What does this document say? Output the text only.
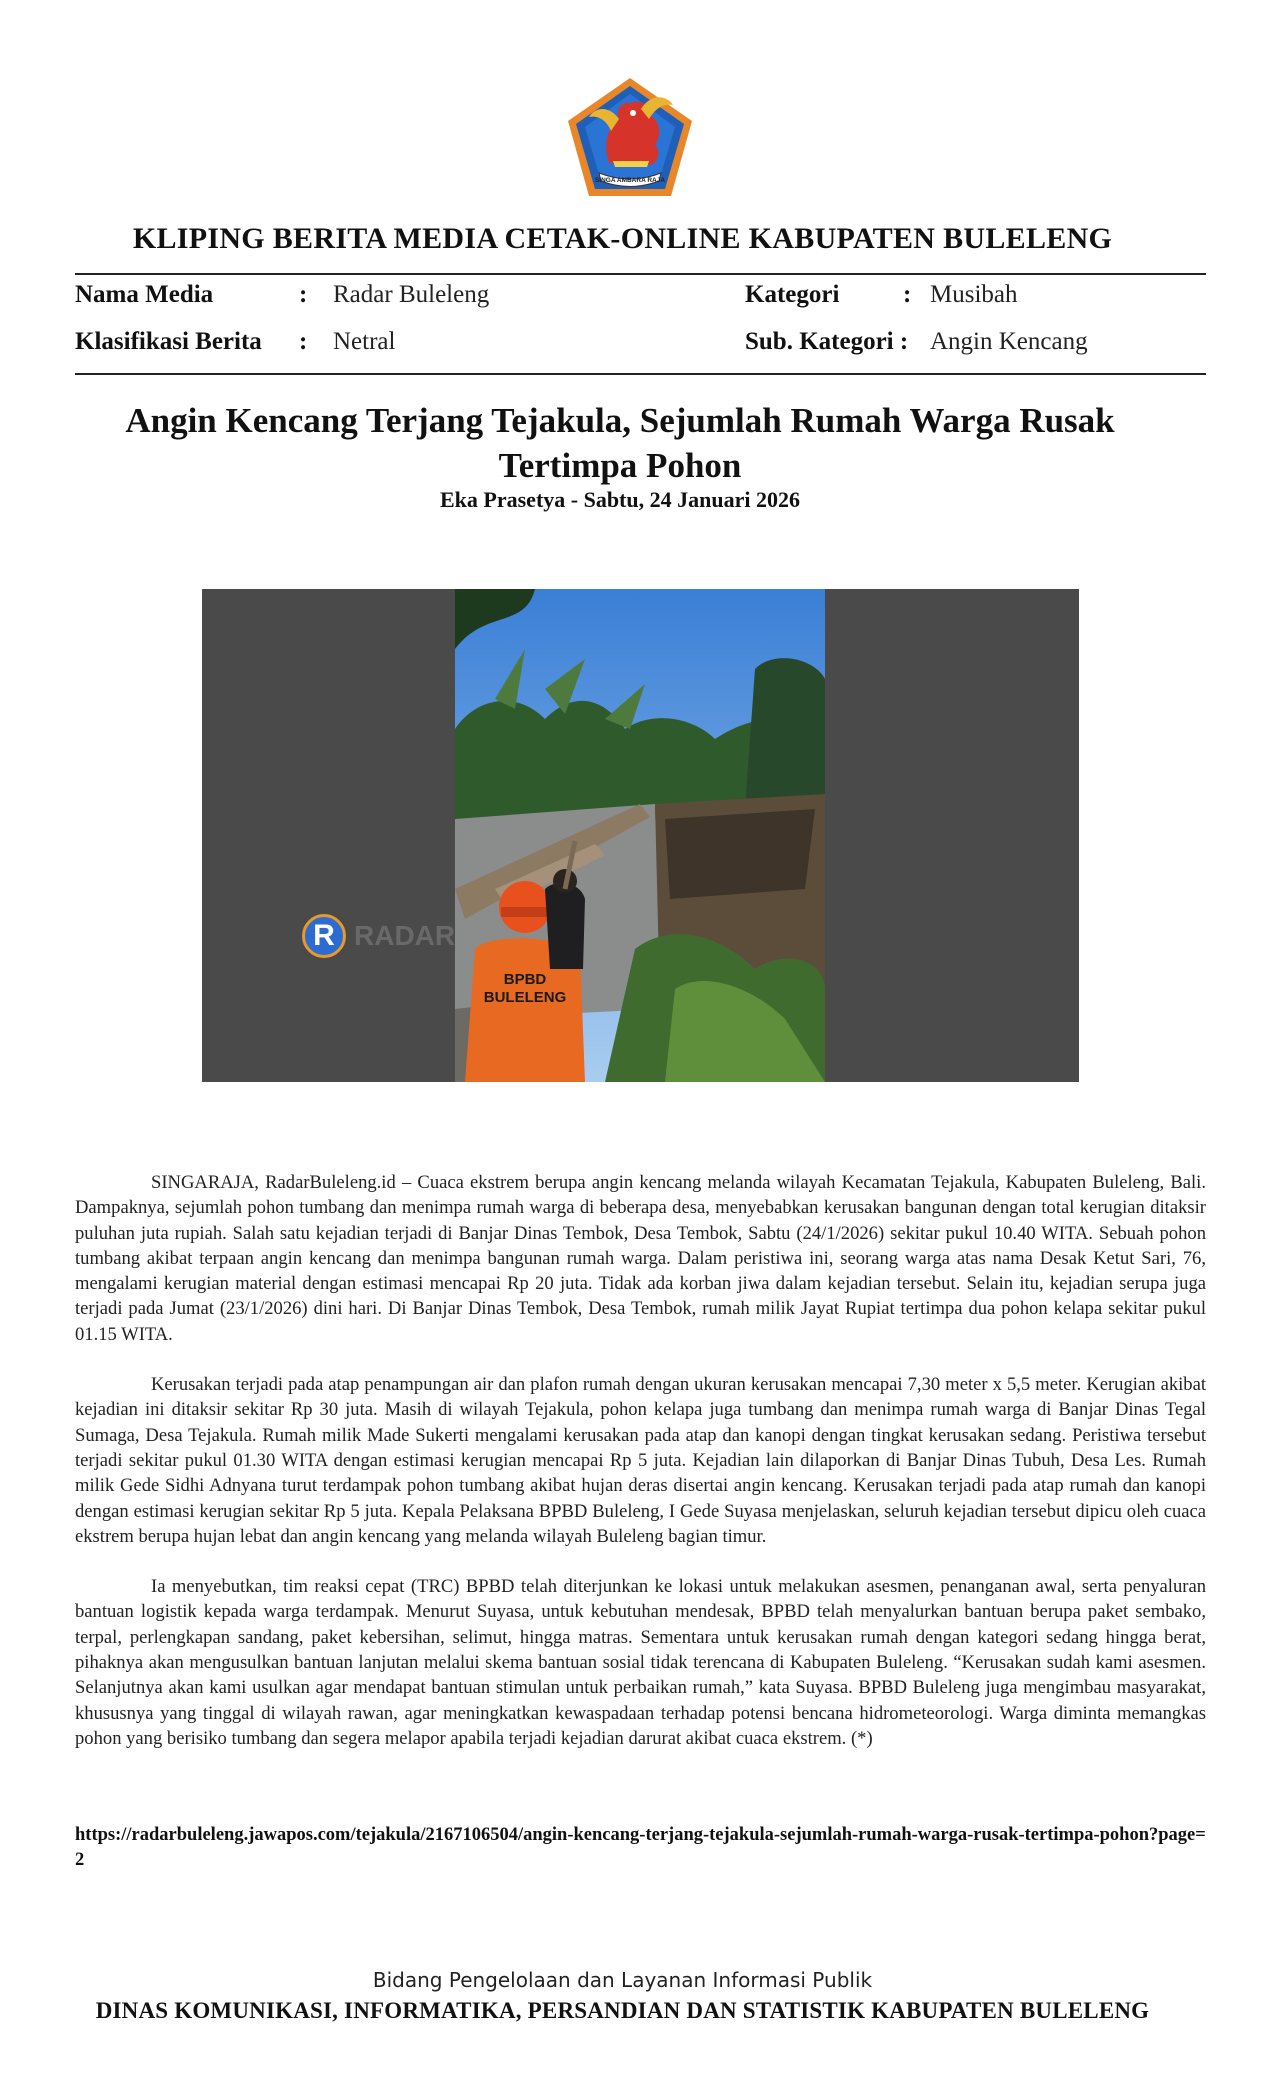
SINGA AMBARA RAJA
KLIPING BERITA MEDIA CETAK-ONLINE KABUPATEN BULELENG
Nama Media	: Radar Buleleng	Kategori	: Musibah
Klasifikasi Berita : Netral	Sub. Kategori : Angin Kencang
Angin Kencang Terjang Tejakula, Sejumlah Rumah Warga Rusak Tertimpa Pohon
Eka Prasetya - Sabtu, 24 Januari 2026
BPBD
BULELENG
R RADAR

SINGARAJA, RadarBuleleng.id – Cuaca ekstrem berupa angin kencang melanda wilayah Kecamatan Tejakula, Kabupaten Buleleng, Bali. Dampaknya, sejumlah pohon tumbang dan menimpa rumah warga di beberapa desa, menyebabkan kerusakan bangunan dengan total kerugian ditaksir puluhan juta rupiah. Salah satu kejadian terjadi di Banjar Dinas Tembok, Desa Tembok, Sabtu (24/1/2026) sekitar pukul 10.40 WITA. Sebuah pohon tumbang akibat terpaan angin kencang dan menimpa bangunan rumah warga. Dalam peristiwa ini, seorang warga atas nama Desak Ketut Sari, 76, mengalami kerugian material dengan estimasi mencapai Rp 20 juta. Tidak ada korban jiwa dalam kejadian tersebut. Selain itu, kejadian serupa juga terjadi pada Jumat (23/1/2026) dini hari. Di Banjar Dinas Tembok, Desa Tembok, rumah milik Jayat Rupiat tertimpa dua pohon kelapa sekitar pukul 01.15 WITA.

Kerusakan terjadi pada atap penampungan air dan plafon rumah dengan ukuran kerusakan mencapai 7,30 meter x 5,5 meter. Kerugian akibat kejadian ini ditaksir sekitar Rp 30 juta. Masih di wilayah Tejakula, pohon kelapa juga tumbang dan menimpa rumah warga di Banjar Dinas Tegal Sumaga, Desa Tejakula. Rumah milik Made Sukerti mengalami kerusakan pada atap dan kanopi dengan tingkat kerusakan sedang. Peristiwa tersebut terjadi sekitar pukul 01.30 WITA dengan estimasi kerugian mencapai Rp 5 juta. Kejadian lain dilaporkan di Banjar Dinas Tubuh, Desa Les. Rumah milik Gede Sidhi Adnyana turut terdampak pohon tumbang akibat hujan deras disertai angin kencang. Kerusakan terjadi pada atap rumah dan kanopi dengan estimasi kerugian sekitar Rp 5 juta. Kepala Pelaksana BPBD Buleleng, I Gede Suyasa menjelaskan, seluruh kejadian tersebut dipicu oleh cuaca ekstrem berupa hujan lebat dan angin kencang yang melanda wilayah Buleleng bagian timur.

Ia menyebutkan, tim reaksi cepat (TRC) BPBD telah diterjunkan ke lokasi untuk melakukan asesmen, penanganan awal, serta penyaluran bantuan logistik kepada warga terdampak. Menurut Suyasa, untuk kebutuhan mendesak, BPBD telah menyalurkan bantuan berupa paket sembako, terpal, perlengkapan sandang, paket kebersihan, selimut, hingga matras. Sementara untuk kerusakan rumah dengan kategori sedang hingga berat, pihaknya akan mengusulkan bantuan lanjutan melalui skema bantuan sosial tidak terencana di Kabupaten Buleleng. “Kerusakan sudah kami asesmen. Selanjutnya akan kami usulkan agar mendapat bantuan stimulan untuk perbaikan rumah,” kata Suyasa. BPBD Buleleng juga mengimbau masyarakat, khususnya yang tinggal di wilayah rawan, agar meningkatkan kewaspadaan terhadap potensi bencana hidrometeorologi. Warga diminta memangkas pohon yang berisiko tumbang dan segera melapor apabila terjadi kejadian darurat akibat cuaca ekstrem. (*)

https://radarbuleleng.jawapos.com/tejakula/2167106504/angin-kencang-terjang-tejakula-sejumlah-rumah-warga-rusak-tertimpa-pohon?page=2
Bidang Pengelolaan dan Layanan Informasi Publik
DINAS KOMUNIKASI, INFORMATIKA, PERSANDIAN DAN STATISTIK KABUPATEN BULELENG
